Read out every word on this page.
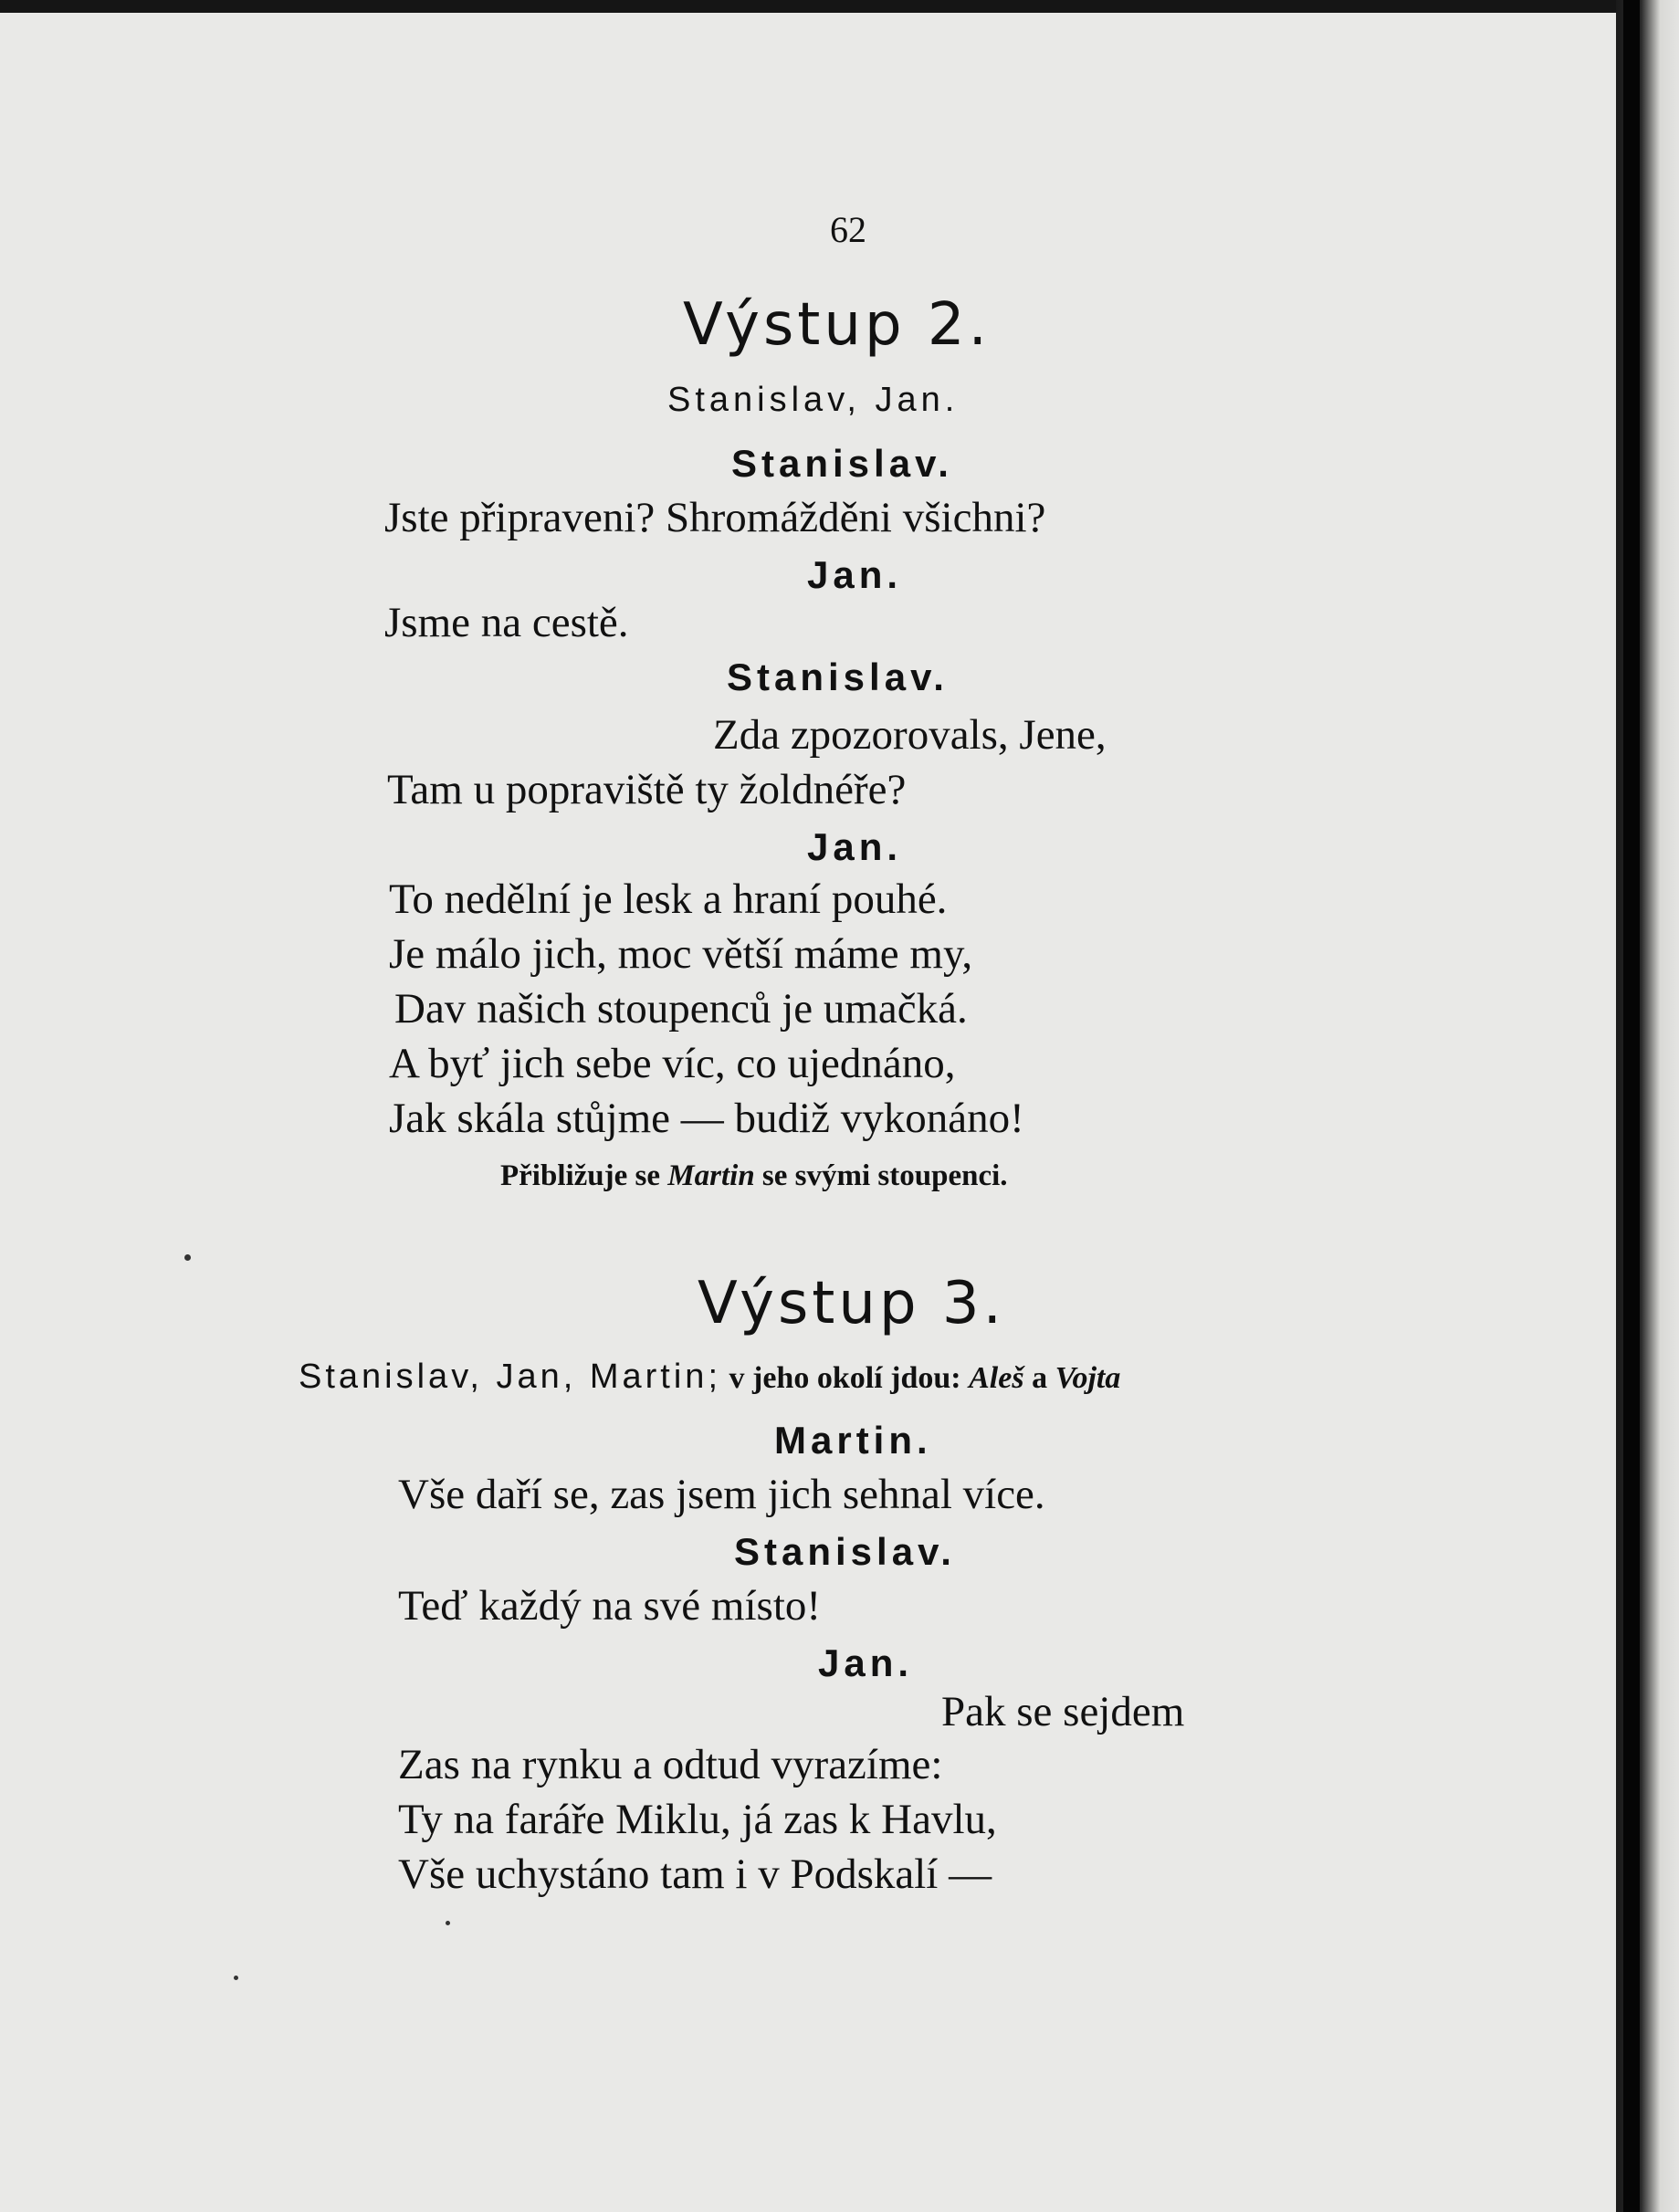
62
Výstup 2.
Stanislav, Jan.
Stanislav.
Jste připraveni? Shromážděni všichni?
Jan.
Jsme na cestě.
Stanislav.
Zda zpozorovals, Jene,
Tam u popraviště ty žoldnéře?
Jan.
To nedělní je lesk a hraní pouhé.
Je málo jich, moc větší máme my,
Dav našich stoupenců je umačká.
A byť jich sebe víc, co ujednáno,
Jak skála stůjme — budiž vykonáno!
Přibližuje se Martin se svými stoupenci.
Výstup 3.
Stanislav, Jan, Martin; v jeho okolí jdou: Aleš a Vojta
Martin.
Vše daří se, zas jsem jich sehnal více.
Stanislav.
Teď každý na své místo!
Jan.
Pak se sejdem
Zas na rynku a odtud vyrazíme:
Ty na faráře Miklu, já zas k Havlu,
Vše uchystáno tam i v Podskalí —
